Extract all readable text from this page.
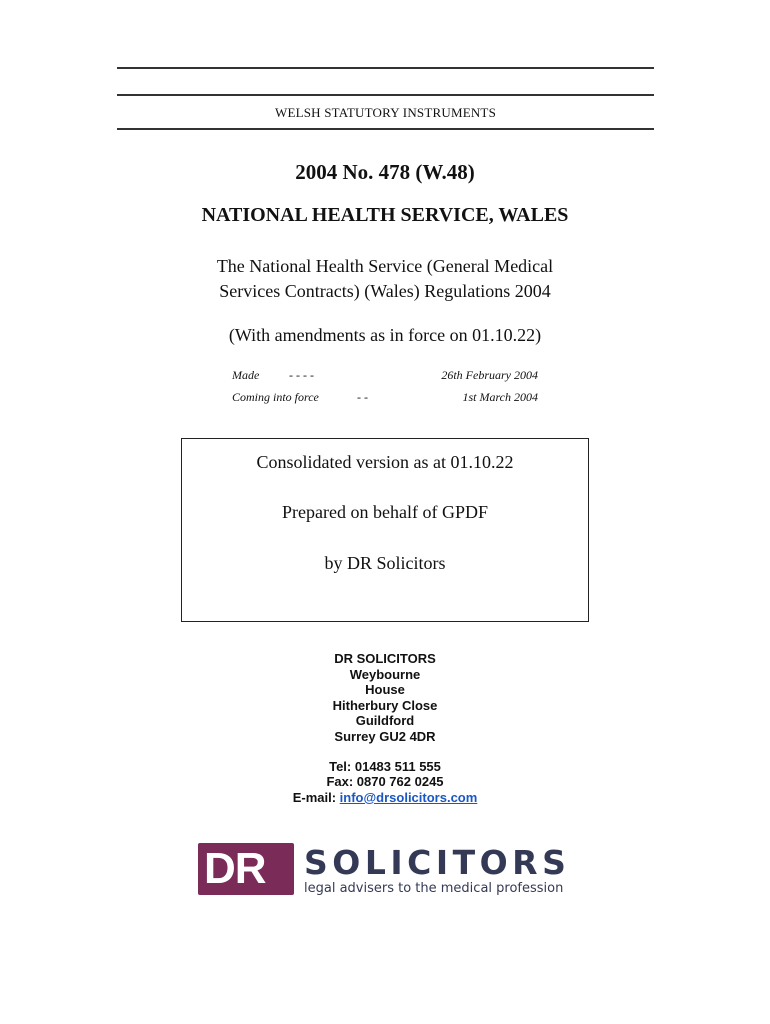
WELSH STATUTORY INSTRUMENTS
2004 No. 478 (W.48)
NATIONAL HEALTH SERVICE, WALES
The National Health Service (General Medical
Services Contracts) (Wales) Regulations 2004
(With amendments as in force on 01.10.22)
Made - - - -	26th February 2004
Coming into force	- -	1st March 2004
Consolidated version as at 01.10.22
Prepared on behalf of GPDF
by DR Solicitors
DR SOLICITORS
Weybourne
House
Hitherbury Close
Guildford
Surrey GU2 4DR
Tel: 01483 511 555
Fax: 0870 762 0245
E-mail: info@drsolicitors.com
DR SOLICITORS
legal advisers to the medical profession
